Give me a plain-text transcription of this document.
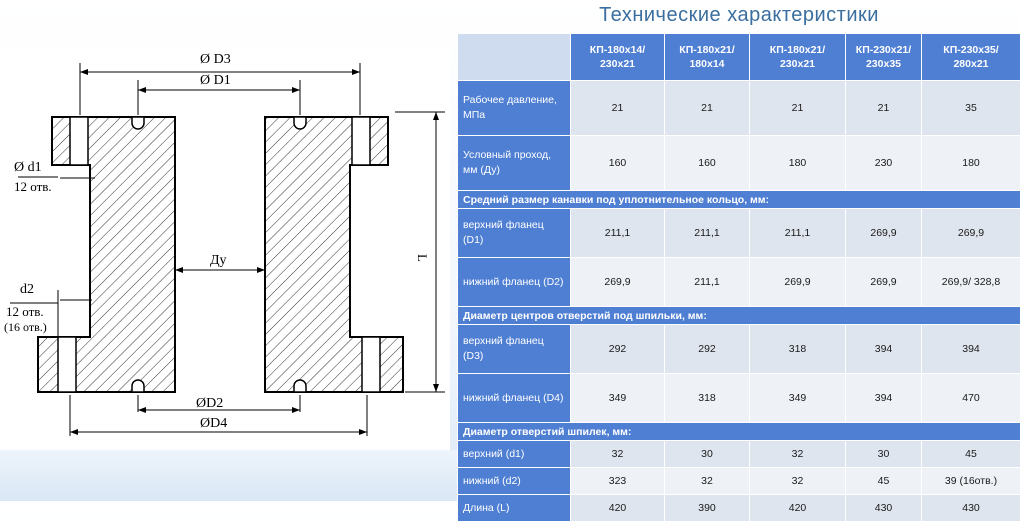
Технические характеристики
Ø D3
Ø D1
Ø d1
12 отв.
Ду	L
d2
12 отв.
(16 отв.)
ØD2
ØD4
	КП-180х14/ 230х21	КП-180х21/ 180х14	КП-180х21/ 230х21	КП-230х21/ 230х35	КП-230х35/ 280х21
Рабочее давление, МПа	21	21	21	21	35
Условный проход, мм (Ду)	160	160	180	230	180
Средний размер канавки под уплотнительное кольцо, мм:					
верхний фланец (D1)	211,1	211,1	211,1	269,9	269,9
нижний фланец (D2)	269,9	211,1	269,9	269,9	269,9/ 328,8
Диаметр центров отверстий под шпильки, мм:					
верхний фланец (D3)	292	292	318	394	394
нижний фланец (D4)	349	318	349	394	470
Диаметр отверстий шпилек, мм:					
верхний (d1)	32	30	32	30	45
нижний (d2)	323	32	32	45	39 (16отв.)
Длина (L)	420	390	420	430	430
